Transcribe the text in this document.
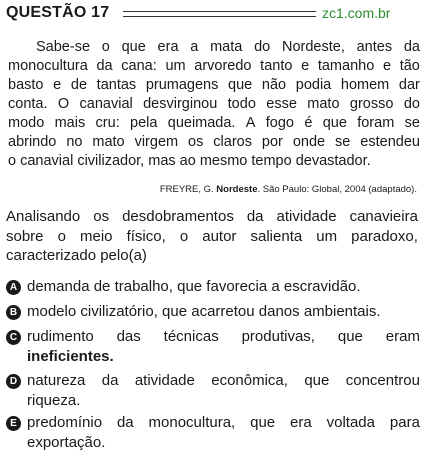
QUESTÃO 17	zc1.com.br
Sabe-se o que era a mata do Nordeste, antes da
monocultura da cana: um arvoredo tanto e tamanho e tão
basto e de tantas prumagens que não podia homem dar
conta. O canavial desvirginou todo esse mato grosso do
modo mais cru: pela queimada. A fogo é que foram se
abrindo no mato virgem os claros por onde se estendeu
o canavial civilizador, mas ao mesmo tempo devastador.
FREYRE, G. Nordeste. São Paulo: Global, 2004 (adaptado).
Analisando os desdobramentos da atividade canavieira
sobre o meio físico, o autor salienta um paradoxo,
caracterizado pelo(a)
A demanda de trabalho, que favorecia a escravidão.
B modelo civilizatório, que acarretou danos ambientais.
C rudimento das técnicas produtivas, que eram
ineficientes.
D natureza da atividade econômica, que concentrou
riqueza.
E predomínio da monocultura, que era voltada para
exportação.
